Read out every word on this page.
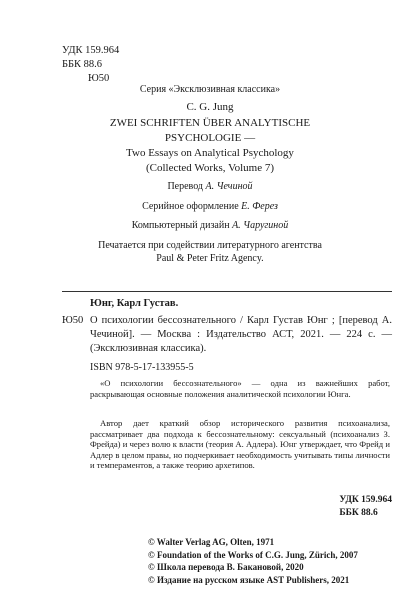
УДК 159.964
ББК 88.6
Ю50
Серия «Эксклюзивная классика»
C. G. Jung
ZWEI SCHRIFTEN ÜBER ANALYTISCHE
PSYCHOLOGIE —
Two Essays on Analytical Psychology
(Collected Works, Volume 7)
Перевод А. Чечиной
Серийное оформление Е. Ферез
Компьютерный дизайн А. Чаругиной
Печатается при содействии литературного агентства
Paul & Peter Fritz Agency.
Юнг, Карл Густав.
Ю50 О психологии бессознательного / Карл Густав Юнг ; [перевод А. Чечиной]. — Москва : Издательство АСТ, 2021. — 224 с. — (Эксклюзивная классика).
ISBN 978-5-17-133955-5

«О психологии бессознательного» — одна из важнейших работ, раскрывающая основные положения аналитической психологии Юнга.

Автор дает краткий обзор исторического развития психоанализа, рассматривает два подхода к бессознательному: сексуальный (психоанализ З. Фрейда) и через волю к власти (теория А. Адлера). Юнг утверждает, что Фрейд и Адлер в целом правы, но подчеркивает необходимость учитывать типы личности и темпераментов, а также теорию архетипов.

УДК 159.964
ББК 88.6
© Walter Verlag AG, Olten, 1971
© Foundation of the Works of C.G. Jung, Zürich, 2007
© Школа перевода В. Бакановой, 2020
© Издание на русском языке AST Publishers, 2021
